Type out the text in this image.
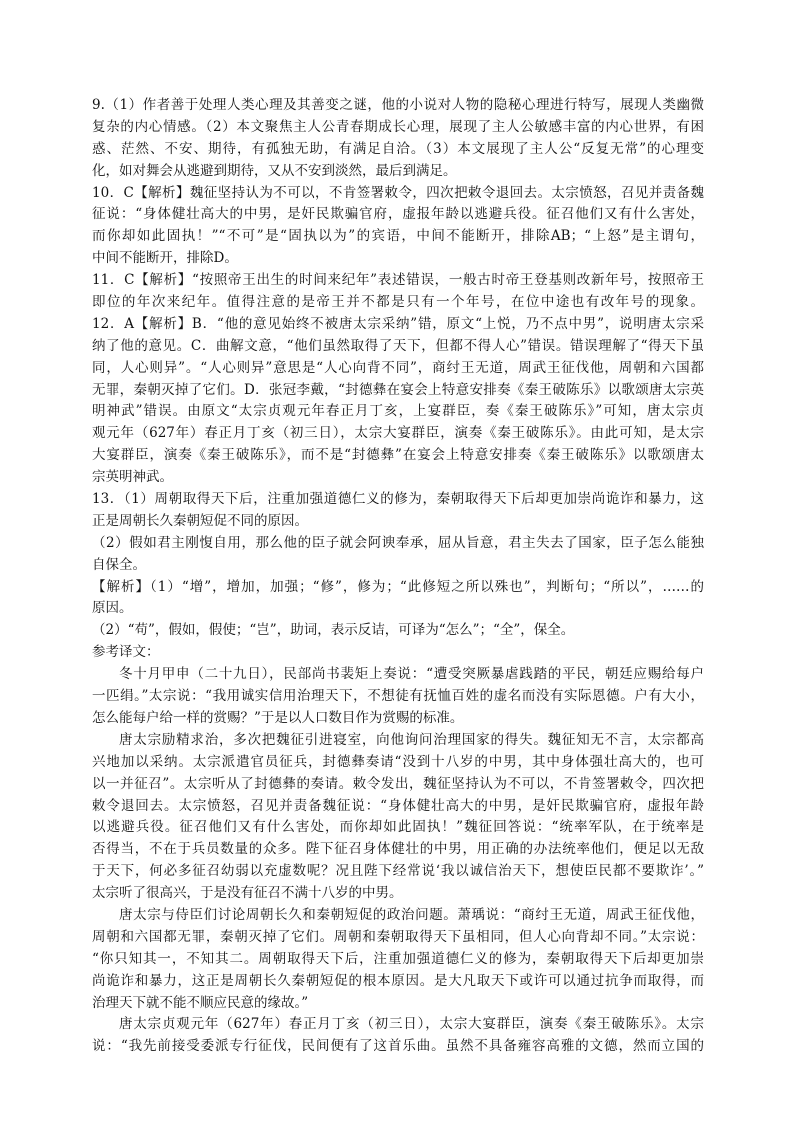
9.（1）作者善于处理人类心理及其善变之谜，他的小说对人物的隐秘心理进行特写，展现人类幽微
复杂的内心情感。（2）本文聚焦主人公青春期成长心理，展现了主人公敏感丰富的内心世界，有困
惑、茫然、不安、期待，有孤独无助，有满足自洽。（3）本文展现了主人公“反复无常”的心理变
化，如对舞会从逃避到期待，又从不安到淡然，最后到满足。
10．C【解析】魏征坚持认为不可以，不肯签署敕令，四次把敕令退回去。太宗愤怒，召见并责备魏
征说：“身体健壮高大的中男，是奸民欺骗官府，虚报年龄以逃避兵役。征召他们又有什么害处，
而你却如此固执！”“不可”是“固执以为”的宾语，中间不能断开，排除AB；“上怒”是主谓句，
中间不能断开，排除D。
11．C【解析】“按照帝王出生的时间来纪年”表述错误，一般古时帝王登基则改新年号，按照帝王
即位的年次来纪年。值得注意的是帝王并不都是只有一个年号，在位中途也有改年号的现象。
12．A【解析】B．“他的意见始终不被唐太宗采纳”错，原文“上悦，乃不点中男”，说明唐太宗采
纳了他的意见。C．曲解文意，“他们虽然取得了天下，但都不得人心”错误。错误理解了“得天下虽
同，人心则异”。“人心则异”意思是“人心向背不同”，商纣王无道，周武王征伐他，周朝和六国都
无罪，秦朝灭掉了它们。D．张冠李戴，“封德彝在宴会上特意安排奏《秦王破陈乐》以歌颂唐太宗英
明神武”错误。由原文“太宗贞观元年春正月丁亥，上宴群臣，奏《秦王破陈乐》”可知，唐太宗贞
观元年（627年）春正月丁亥（初三日），太宗大宴群臣，演奏《秦王破陈乐》。由此可知，是太宗
大宴群臣，演奏《秦王破陈乐》，而不是“封德彝”在宴会上特意安排奏《秦王破陈乐》以歌颂唐太
宗英明神武。
13．（1）周朝取得天下后，注重加强道德仁义的修为，秦朝取得天下后却更加崇尚诡诈和暴力，这
正是周朝长久秦朝短促不同的原因。
（2）假如君主刚愎自用，那么他的臣子就会阿谀奉承，屈从旨意，君主失去了国家，臣子怎么能独
自保全。
【解析】（1）“增”，增加，加强；“修”，修为；“此修短之所以殊也”，判断句；“所以”，……的
原因。
（2）“苟”，假如，假使；“岂”，助词，表示反诘，可译为“怎么”；“全”，保全。
参考译文：
冬十月甲申（二十九日），民部尚书裴矩上奏说：“遭受突厥暴虐践踏的平民，朝廷应赐给每户
一匹绢。”太宗说：“我用诚实信用治理天下，不想徒有抚恤百姓的虚名而没有实际恩德。户有大小，
怎么能每户给一样的赏赐？”于是以人口数目作为赏赐的标准。
唐太宗励精求治，多次把魏征引进寝室，向他询问治理国家的得失。魏征知无不言，太宗都高
兴地加以采纳。太宗派遣官员征兵，封德彝奏请“没到十八岁的中男，其中身体强壮高大的，也可
以一并征召”。太宗听从了封德彝的奏请。敕令发出，魏征坚持认为不可以，不肯签署敕令，四次把
敕令退回去。太宗愤怒，召见并责备魏征说：“身体健壮高大的中男，是奸民欺骗官府，虚报年龄
以逃避兵役。征召他们又有什么害处，而你却如此固执！”魏征回答说：“统率军队，在于统率是
否得当，不在于兵员数量的众多。陛下征召身体健壮的中男，用正确的办法统率他们，便足以无敌
于天下，何必多征召幼弱以充虚数呢？况且陛下经常说‘我以诚信治天下，想使臣民都不要欺诈’。”
太宗听了很高兴，于是没有征召不满十八岁的中男。
唐太宗与侍臣们讨论周朝长久和秦朝短促的政治问题。萧瑀说：“商纣王无道，周武王征伐他，
周朝和六国都无罪，秦朝灭掉了它们。周朝和秦朝取得天下虽相同，但人心向背却不同。”太宗说：
“你只知其一，不知其二。周朝取得天下后，注重加强道德仁义的修为，秦朝取得天下后却更加崇
尚诡诈和暴力，这正是周朝长久秦朝短促的根本原因。是大凡取天下或许可以通过抗争而取得，而
治理天下就不能不顺应民意的缘故。”
唐太宗贞观元年（627年）春正月丁亥（初三日），太宗大宴群臣，演奏《秦王破陈乐》。太宗
说：“我先前接受委派专行征伐，民间便有了这首乐曲。虽然不具备雍容高雅的文德，然而立国的
